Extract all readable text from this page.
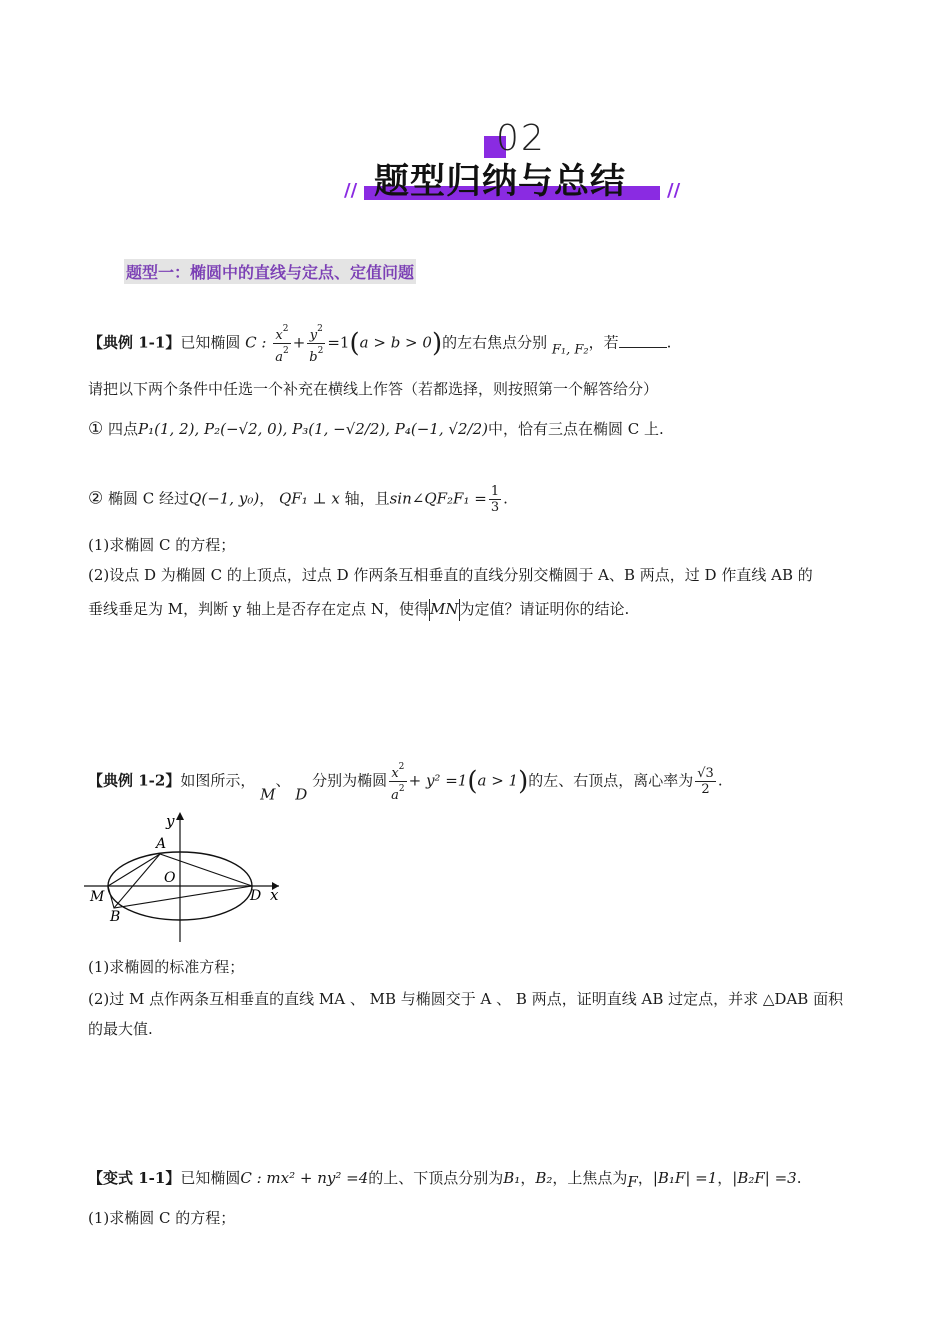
02
题型归纳与总结
//	//
题型一：椭圆中的直线与定点、定值问题
【典例 1-1】已知椭圆 C : $\frac{x^2}{a^2} + \frac{y^2}{b^2} =1(a > b > 0)$的左右焦点分别 F₁, F₂，若	.
请把以下两个条件中任选一个补充在横线上作答（若都选择，则按照第一个解答给分）
① 四点P₁(1, 2), P₂(−√2, 0), P₃(1, −√2/2), P₄(−1, √2/2)中，恰有三点在椭圆 C 上.
② 椭圆 C 经过Q(−1, y₀)， QF₁ ⊥ x 轴，且sin∠QF₂F₁ = $\frac{1}{3}$ .
(1)求椭圆 C 的方程；
(2)设点 D 为椭圆 C 的上顶点，过点 D 作两条互相垂直的直线分别交椭圆于 A、B 两点，过 D 作直线 AB 的
垂线垂足为 M，判断 y 轴上是否存在定点 N，使得MN为定值？请证明你的结论.
【典例 1-2】如图所示， M、 D 分别为椭圆 $\frac{x^2}{a^2} + y^2 =1(a > 1)$的左、右顶点，离心率为 $\frac{√3}{2}$ .
y
x
A
O
M	D
B
(1)求椭圆的标准方程；
(2)过 M 点作两条互相垂直的直线 MA 、 MB 与椭圆交于 A 、 B 两点，证明直线 AB 过定点，并求 △DAB 面积
的最大值.
【变式 1-1】已知椭圆C : mx² + ny² =4的上、下顶点分别为B₁，B₂，上焦点为F，|B₁F| =1，|B₂F| =3.
(1)求椭圆 C 的方程；
